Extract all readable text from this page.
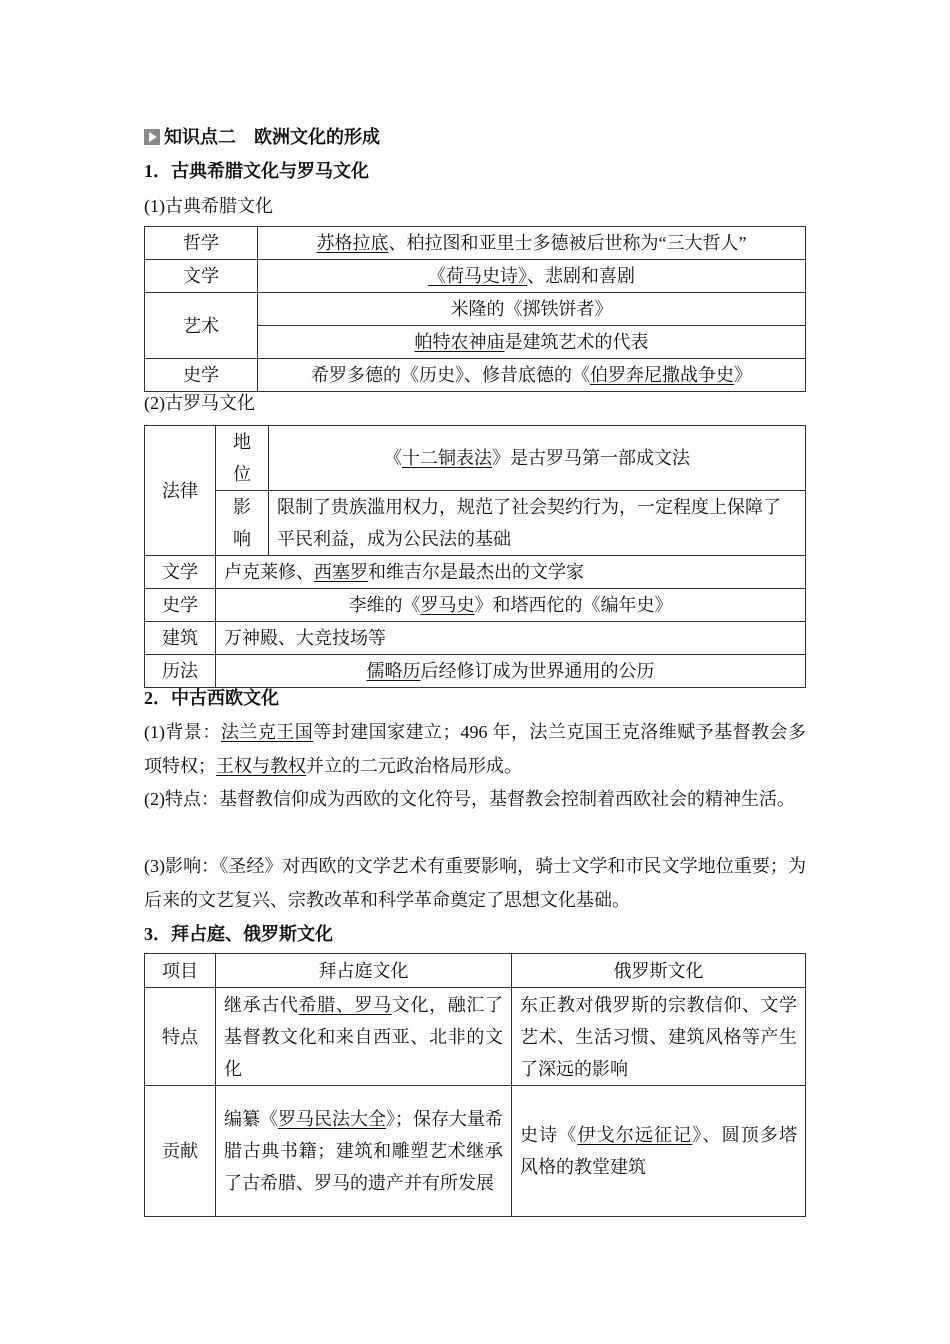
知识点二　欧洲文化的形成
1．古典希腊文化与罗马文化
(1)古典希腊文化
哲学	苏格拉底、柏拉图和亚里士多德被后世称为“三大哲人”
文学	《荷马史诗》、悲剧和喜剧
艺术	米隆的《掷铁饼者》
	帕特农神庙是建筑艺术的代表
史学	希罗多德的《历史》、修昔底德的《伯罗奔尼撒战争史》
(2)古罗马文化
法律	地位	《十二铜表法》是古罗马第一部成文法
	影响	限制了贵族滥用权力，规范了社会契约行为，一定程度上保障了平民利益，成为公民法的基础
文学	卢克莱修、西塞罗和维吉尔是最杰出的文学家	
史学	李维的《罗马史》和塔西佗的《编年史》	
建筑	万神殿、大竞技场等	
历法	儒略历后经修订成为世界通用的公历	
2．中古西欧文化
(1)背景：法兰克王国等封建国家建立；496 年，法兰克国王克洛维赋予基督教会多项特权；王权与教权并立的二元政治格局形成。
(2)特点：基督教信仰成为西欧的文化符号，基督教会控制着西欧社会的精神生活。
(3)影响：《圣经》对西欧的文学艺术有重要影响，骑士文学和市民文学地位重要；为后来的文艺复兴、宗教改革和科学革命奠定了思想文化基础。
3．拜占庭、俄罗斯文化
项目	拜占庭文化	俄罗斯文化
特点	继承古代希腊、罗马文化，融汇了基督教文化和来自西亚、北非的文化	东正教对俄罗斯的宗教信仰、文学艺术、生活习惯、建筑风格等产生了深远的影响
贡献	编纂《罗马民法大全》；保存大量希腊古典书籍；建筑和雕塑艺术继承了古希腊、罗马的遗产并有所发展	史诗《伊戈尔远征记》、圆顶多塔风格的教堂建筑
